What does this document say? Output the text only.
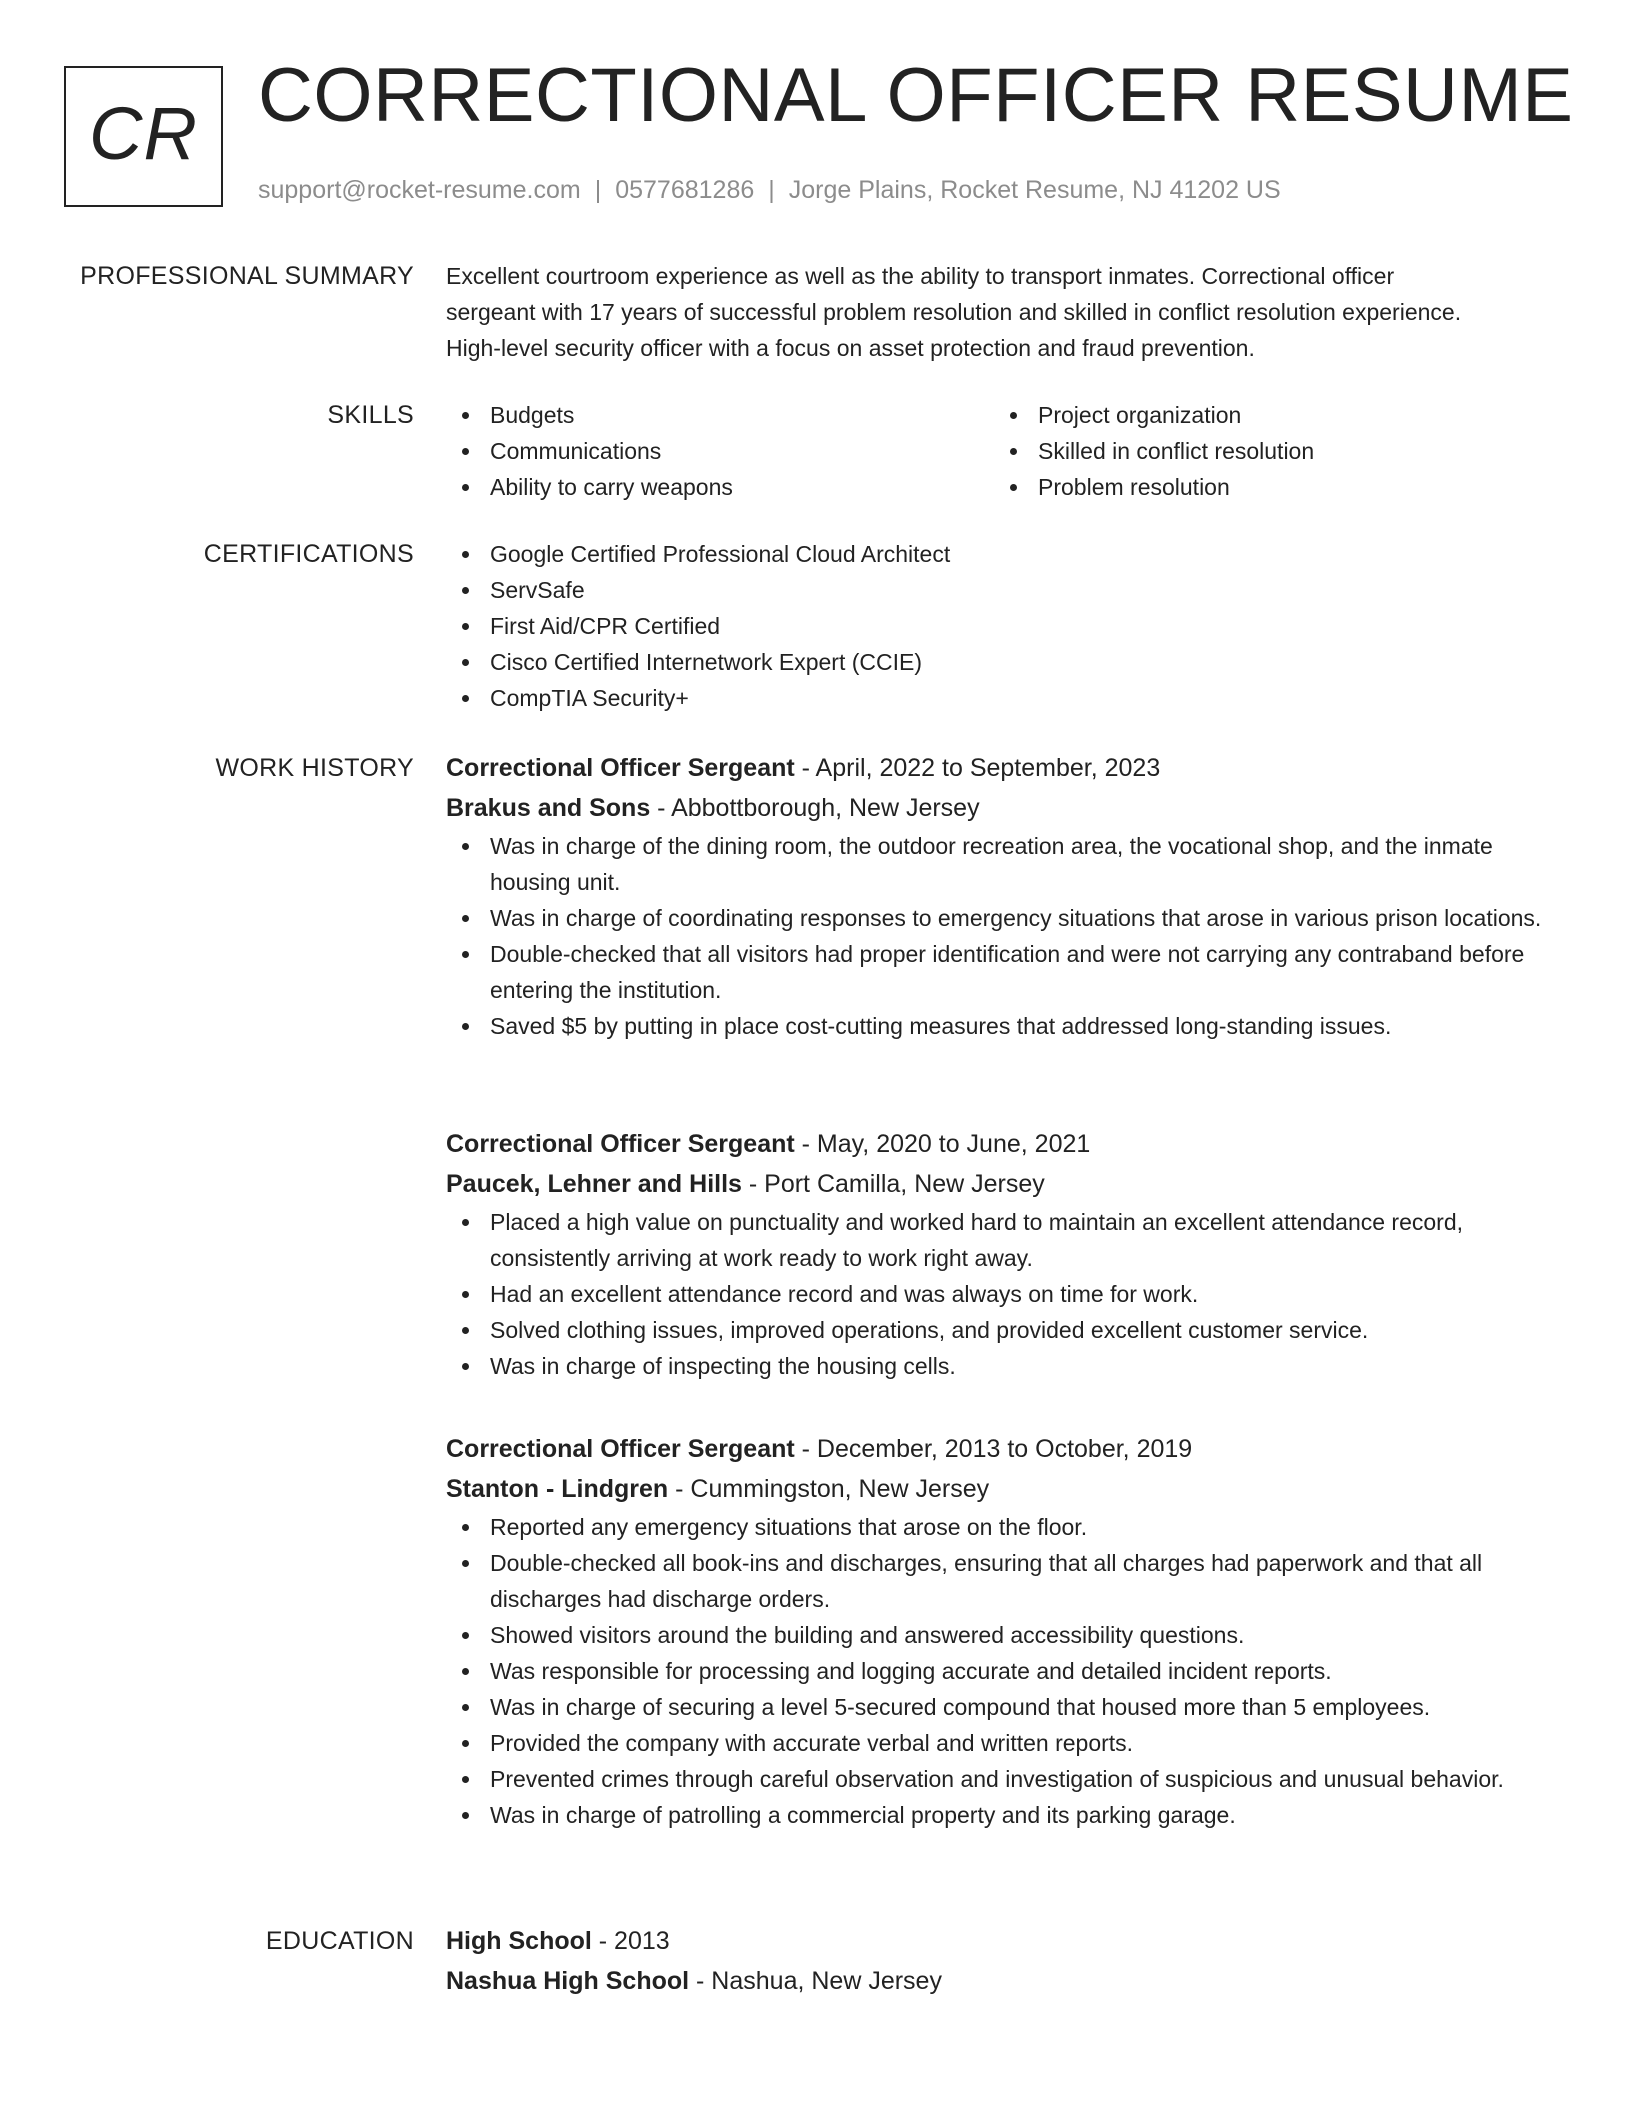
CR CORRECTIONAL OFFICER RESUME
support@rocket-resume.com | 0577681286 | Jorge Plains, Rocket Resume, NJ 41202 US
PROFESSIONAL SUMMARY Excellent courtroom experience as well as the ability to transport inmates. Correctional officer
sergeant with 17 years of successful problem resolution and skilled in conflict resolution experience.
High-level security officer with a focus on asset protection and fraud prevention.
SKILLS	Budgets
Communications
Ability to carry weapons
Project organization
Skilled in conflict resolution
Problem resolution
CERTIFICATIONS	Google Certified Professional Cloud Architect
ServSafe
First Aid/CPR Certified
Cisco Certified Internetwork Expert (CCIE)
CompTIA Security+
WORK HISTORY Correctional Officer Sergeant - April, 2022 to September, 2023
Brakus and Sons - Abbottborough, New Jersey
Was in charge of the dining room, the outdoor recreation area, the vocational shop, and the inmate housing unit.
Was in charge of coordinating responses to emergency situations that arose in various prison locations.
Double-checked that all visitors had proper identification and were not carrying any contraband before entering the institution.
Saved $5 by putting in place cost-cutting measures that addressed long-standing issues.
Correctional Officer Sergeant - May, 2020 to June, 2021
Paucek, Lehner and Hills - Port Camilla, New Jersey
Placed a high value on punctuality and worked hard to maintain an excellent attendance record, consistently arriving at work ready to work right away.
Had an excellent attendance record and was always on time for work.
Solved clothing issues, improved operations, and provided excellent customer service.
Was in charge of inspecting the housing cells.
Correctional Officer Sergeant - December, 2013 to October, 2019
Stanton - Lindgren - Cummingston, New Jersey
Reported any emergency situations that arose on the floor.
Double-checked all book-ins and discharges, ensuring that all charges had paperwork and that all discharges had discharge orders.
Showed visitors around the building and answered accessibility questions.
Was responsible for processing and logging accurate and detailed incident reports.
Was in charge of securing a level 5-secured compound that housed more than 5 employees.
Provided the company with accurate verbal and written reports.
Prevented crimes through careful observation and investigation of suspicious and unusual behavior.
Was in charge of patrolling a commercial property and its parking garage.
EDUCATION High School - 2013
Nashua High School - Nashua, New Jersey
